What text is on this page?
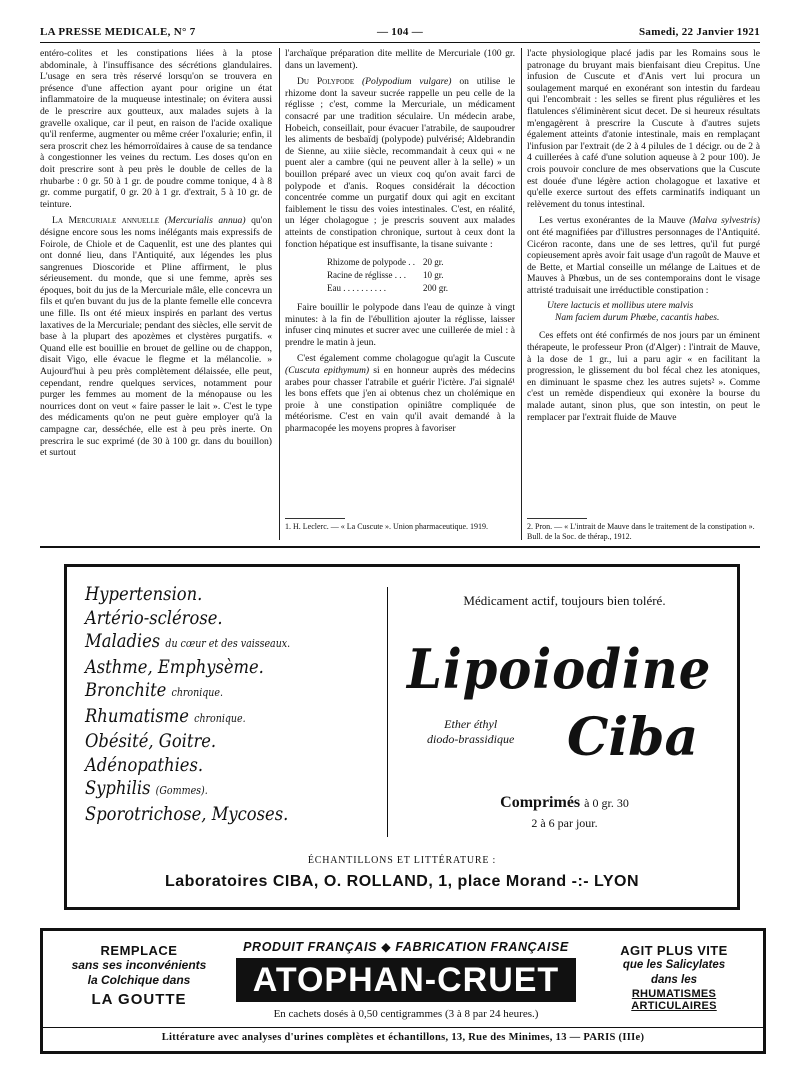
LA PRESSE MEDICALE, N° 7	— 104 —	Samedi, 22 Janvier 1921

entéro-colites et les constipations liées à la ptose abdominale, à l'insuffisance des sécrétions glandulaires. L'usage en sera très réservé lorsqu'on se trouvera en présence d'une affection ayant pour origine un état inflammatoire de la muqueuse intestinale; on évitera aussi de le prescrire aux goutteux, aux malades sujets à la gravelle oxalique, car il peut, en raison de l'acide oxalique qu'il renferme, augmenter ou même créer l'oxalurie; enfin, il sera proscrit chez les hémorroïdaires à cause de sa tendance à congestionner les veines du rectum. Les doses qu'on en doit prescrire sont à peu près le double de celles de la rhubarbe : 0 gr. 50 à 1 gr. de poudre comme tonique, 4 à 8 gr. comme purgatif, 0 gr. 20 à 1 gr. d'extrait, 5 à 10 gr. de teinture.

La Mercuriale annuelle (Mercurialis annua) qu'on désigne encore sous les noms inélégants mais expressifs de Foirole, de Chiole et de Caquenlit, est une des plantes qui ont donné lieu, dans l'Antiquité, aux légendes les plus sangrenues Dioscoride et Pline affirment, le plus sérieusement. du monde, que si une femme, après ses époques, boit du jus de la Mercuriale mâle, elle concevra un fils et qu'en buvant du jus de la plante femelle elle concevra une fille. Ils ont été mieux inspirés en parlant des vertus laxatives de la Mercuriale; pendant des siècles, elle servit de base à la plupart des apozèmes et clystères purgatifs. « Quand elle est bouillie en brouet de gelline ou de chappon, disait Vigo, elle évacue le flegme et la mélancolie. » Aujourd'hui à peu près complètement délaissée, elle peut, cependant, rendre quelques services, notamment pour purger les femmes au moment de la ménopause ou les nourrices dont on veut « faire passer le lait ». C'est le type des médicaments qu'on ne peut guère employer qu'à la campagne car, desséchée, elle est à peu près inerte. On prescrira le suc exprimé (de 30 à 100 gr. dans du bouillon) et surtout

l'archaïque préparation dite mellite de Mercuriale (100 gr. dans un lavement).

Du Polypode (Polypodium vulgare) on utilise le rhizome dont la saveur sucrée rappelle un peu celle de la réglisse ; c'est, comme la Mercuriale, un médicament consacré par une tradition séculaire. Un médecin arabe, Hobeich, conseillait, pour évacuer l'atrabile, de saupoudrer les aliments de besbaïdj (polypode) pulvérisé; Aldebrandin de Sienne, au xiiie siècle, recommandait à ceux qui « ne puent aler a cambre (qui ne peuvent aller à la selle) » un bouillon préparé avec un vieux coq qu'on avait farci de polypode et d'anis. Roques considérait la décoction concentrée comme un purgatif doux qui agit en excitant faiblement le tissu des voies intestinales. C'est, en réalité, un léger cholagogue ; je prescris souvent aux malades atteints de constipation chronique, surtout à ceux dont la fonction hépatique est insuffisante, la tisane suivante :

Rhizome de polypode . .	20 gr.
Racine de réglisse . . .	10 gr.
Eau . . . . . . . . . .	200 gr.

Faire bouillir le polypode dans l'eau de quinze à vingt minutes: à la fin de l'ébullition ajouter la réglisse, laisser infuser cinq minutes et sucrer avec une cuillerée de miel : à prendre le matin à jeun.

C'est également comme cholagogue qu'agit la Cuscute (Cuscuta epithymum) si en honneur auprès des médecins arabes pour chasser l'atrabile et guérir l'ictère. J'ai signalé¹ les bons effets que j'en ai obtenus chez un cholémique en proie à une constipation opiniâtre compliquée de météorisme. C'est en vain qu'il avait demandé à la pharmacopée les moyens propres à favoriser

l'acte physiologique placé jadis par les Romains sous le patronage du bruyant mais bienfaisant dieu Crepitus. Une infusion de Cuscute et d'Anis vert lui procura un soulagement marqué en exonérant son intestin du fardeau qui l'encombrait : les selles se firent plus régulières et les flatulences s'éliminèrent sicut decet. De si heureux résultats m'engagèrent à prescrire la Cuscute à d'autres sujets également atteints d'atonie intestinale, mais en remplaçant l'infusion par l'extrait (de 2 à 4 pilules de 1 décigr. ou de 2 à 4 cuillerées à café d'une solution aqueuse à 2 pour 100). Je crois pouvoir conclure de mes observations que la Cuscute est douée d'une légère action cholagogue et laxative et qu'elle exerce surtout des effets carminatifs indiquant un relèvement du tonus intestinal.

Les vertus exonérantes de la Mauve (Malva sylvestris) ont été magnifiées par d'illustres personnages de l'Antiquité. Cicéron raconte, dans une de ses lettres, qu'il fut purgé copieusement après avoir fait usage d'un ragoût de Mauve et de Bette, et Martial conseille un mélange de Laitues et de Mauves à Phœbus, un de ses contemporains dont le visage attristé traduisait une irréductible constipation :

Utere lactucis et mollibus utere malvis
Nam faciem durum Phœbe, cacantis habes.

Ces effets ont été confirmés de nos jours par un éminent thérapeute, le professeur Pron (d'Alger) : l'intrait de Mauve, à la dose de 1 gr., lui a paru agir « en facilitant la progression, le glissement du bol fécal chez les atoniques, en diminuant le spasme chez les autres sujets² ». Comme c'est un remède dispendieux qui exonère la bourse du malade autant, sinon plus, que son intestin, on peut le remplacer par l'extrait fluide de Mauve

1. H. Leclerc. — « La Cuscute ». Union pharmaceutique. 1919.	2. Pron. — « L'intrait de Mauve dans le traitement de la constipation ». Bull. de la Soc. de thérap., 1912.
Hypertension.
Artério-sclérose.
Maladies du cœur et des vaisseaux.
Asthme, Emphysème.
Bronchite chronique.
Rhumatisme chronique.
Obésité, Goitre.
Adénopathies.
Syphilis (Gommes).
Sporotrichose, Mycoses.
Médicament actif, toujours bien toléré.
Lipoiodine
Ether éthyl
diodo-brassidique Ciba
Comprimés à 0 gr. 30
2 à 6 par jour.
ÉCHANTILLONS ET LITTÉRATURE :
Laboratoires CIBA, O. ROLLAND, 1, place Morand -:- LYON
REMPLACE
sans ses inconvénients
la Colchique dans
LA GOUTTE
PRODUIT FRANÇAIS ◆ FABRICATION FRANÇAISE
ATOPHAN-CRUET
En cachets dosés à 0,50 centigrammes (3 à 8 par 24 heures.)
AGIT PLUS VITE
que les Salicylates
dans les
RHUMATISMES ARTICULAIRES
Littérature avec analyses d'urines complètes et échantillons, 13, Rue des Minimes, 13 — PARIS (IIIe)
